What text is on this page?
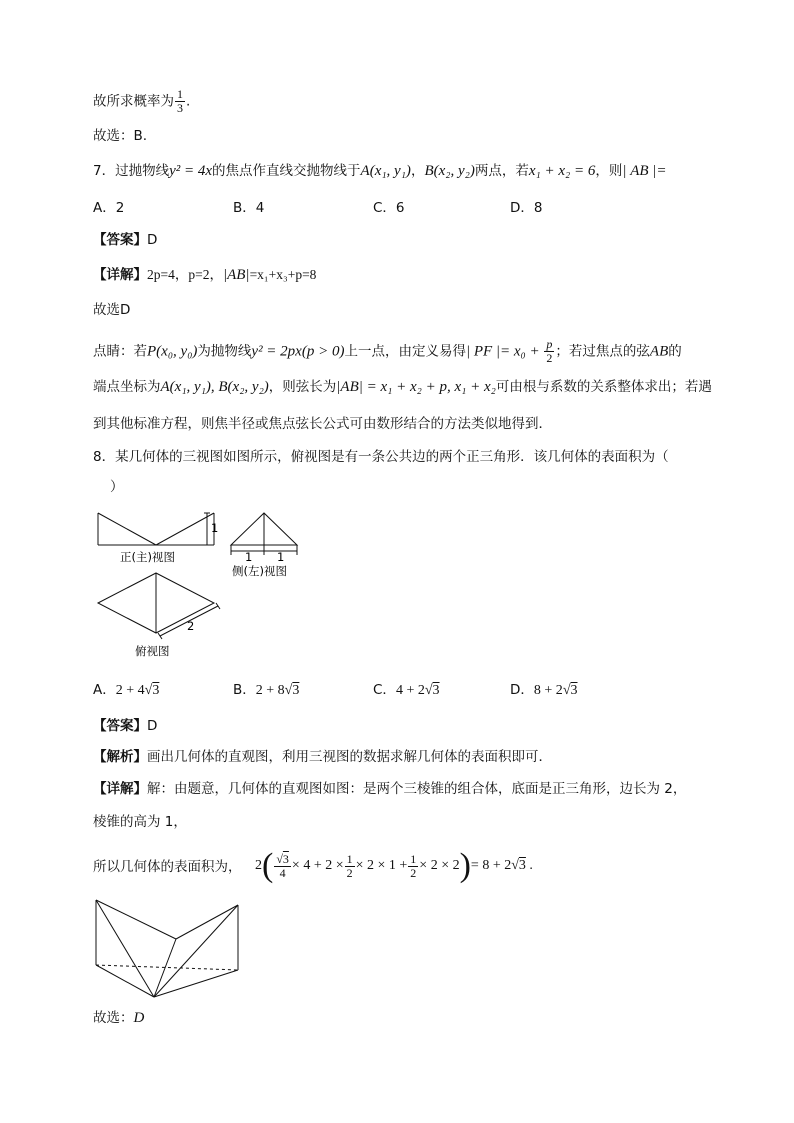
故所求概率为 $\frac{1}{3}$ .
故选：B.
7．过抛物线y² = 4x的焦点作直线交抛物线于A(x₁, y₁)，B(x₂, y₂)两点，若x₁ + x₂ = 6，则| AB |=
A．2	B．4	C．6	D．8
【答案】D
【详解】2p=4，p=2，|AB|=x₁+x₃+p=8
故选D
点睛：若P(x₀, y₀)为抛物线y² = 2px(p > 0)上一点，由定义易得| PF |= $x_0 + \frac{p}{2}$ ；若过焦点的弦AB的
端点坐标为A(x₁, y₁), B(x₂, y₂)，则弦长为|AB| = x₁ + x₂ + p, x₁ + x₂可由根与系数的关系整体求出；若遇
到其他标准方程，则焦半径或焦点弦长公式可由数形结合的方法类似地得到．
8．某几何体的三视图如图所示，俯视图是有一条公共边的两个正三角形．该几何体的表面积为（
）
1
正(主)视图	1 1
侧(左)视图
2
俯视图
A．2 + 4√3	B．2 + 8√3	C．4 + 2√3	D．8 + 2√3
【答案】D
【解析】画出几何体的直观图，利用三视图的数据求解几何体的表面积即可．
【详解】解：由题意，几何体的直观图如图：是两个三棱锥的组合体，底面是正三角形，边长为 2，
棱锥的高为 1，
所以几何体的表面积为， 2 ( $\frac{√3}{4} \times 4 + 2 \times \frac{1}{2} \times 2 \times 1 + \frac{1}{2} \times 2 \times 2$ ) = 8 + 2√3 .
故选：D
